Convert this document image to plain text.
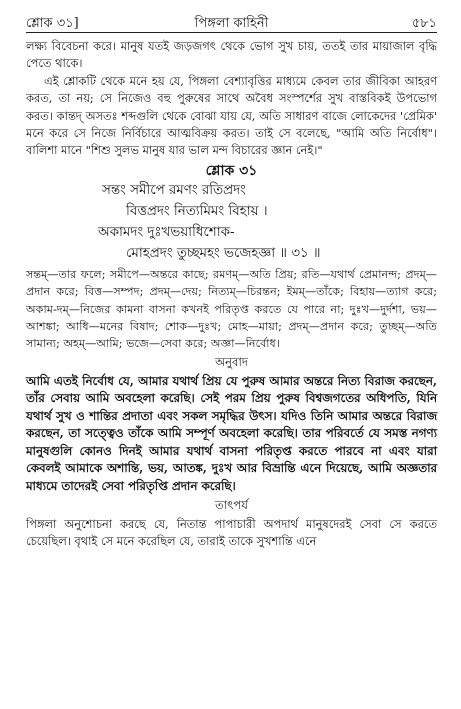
শ্লোক ৩১]	পিঙ্গলা কাহিনী	৫৮১

লক্ষ্য বিবেচনা করে। মানুষ যতই জড়জগৎ থেকে ভোগ সুখ চায়, ততই তার মায়াজাল বৃদ্ধি পেতে থাকে।

এই শ্লোকটি থেকে মনে হয় যে, পিঙ্গলা বেশ্যাবৃত্তির মাধ্যমে কেবল তার জীবিকা আহরণ করত, তা নয়; সে নিজেও বহু পুরুষের সাথে অবৈধ সংস্পর্শের সুখ বাস্তবিকই উপভোগ করত। কান্তদ্ অসতঃ শব্দগুলি থেকে বোঝা যায় যে, অতি সাধারণ বাজে লোকেদের 'প্রেমিক' মনে করে সে নিজে নির্বিচারে আত্মবিক্রয় করত। তাই সে বলেছে, "আমি অতি নির্বোধ"। বালিশা মানে "শিশু সুলভ মানুষ যার ভাল মন্দ বিচারের জ্ঞান নেই।"

শ্লোক ৩১
সন্তং সমীপে রমণং রতিপ্রদং
বিত্তপ্রদং নিত্যমিমং বিহায় ।
অকামদং দুঃখভয়াধিশোক-
মোহপ্রদং তুচ্ছমহং ভজেহজ্ঞা ॥ ৩১ ॥
সন্তম্—তার ফলে; সমীপে—অন্তরে কাছে; রমণম্—অতি প্রিয়; রতি—যথার্থ প্রেমানন্দ; প্রদম্—প্রদান করে; বিত্ত—সম্পদ; প্রদম্—দেয়; নিত্যম্—চিরন্তন; ইমম্—তাঁকে; বিহায়—ত্যাগ করে; অকাম-দম্—নিজের কামনা বাসনা কখনই পরিতৃপ্ত করতে যে পারে না; দুঃখ—দুর্দশা, ভয়—আশঙ্কা; আধি—মনের বিষাদ; শোক—দুঃখ; মোহ—মায়া; প্রদম্—প্রদান করে; তুচ্ছম্—অতি সামান্য; অহম্—আমি; ভজে—সেবা করে; অজ্ঞা—নির্বোধ।
অনুবাদ
আমি এতই নির্বোধ যে, আমার যথার্থ প্রিয় যে পুরুষ আমার অন্তরে নিত্য বিরাজ করছেন, তাঁর সেবায় আমি অবহেলা করেছি। সেই পরম প্রিয় পুরুষ বিশ্বজগতের অধিপতি, যিনি যথার্থ সুখ ও শান্তির প্রদাতা এবং সকল সমৃদ্ধির উৎস। যদিও তিনি আমার অন্তরে বিরাজ করছেন, তা সত্ত্বেও তাঁকে আমি সম্পূর্ণ অবহেলা করেছি। তার পরিবর্তে যে সমস্ত নগণ্য মানুষগুলি কোনও দিনই আমার যথার্থ বাসনা পরিতৃপ্ত করতে পারবে না এবং যারা কেবলই আমাকে অশান্তি, ভয়, আতঙ্ক, দুঃখ আর বিভ্রান্তি এনে দিয়েছে, আমি অজ্ঞতার মাধ্যমে তাদেরই সেবা পরিতৃপ্তি প্রদান করেছি।
তাৎপর্য
পিঙ্গলা অনুশোচনা করছে যে, নিতান্ত পাপাচারী অপদার্থ মানুষদেরই সেবা সে করতে চেয়েছিল। বৃথাই সে মনে করেছিল যে, তারাই তাকে সুখশান্তি এনে
